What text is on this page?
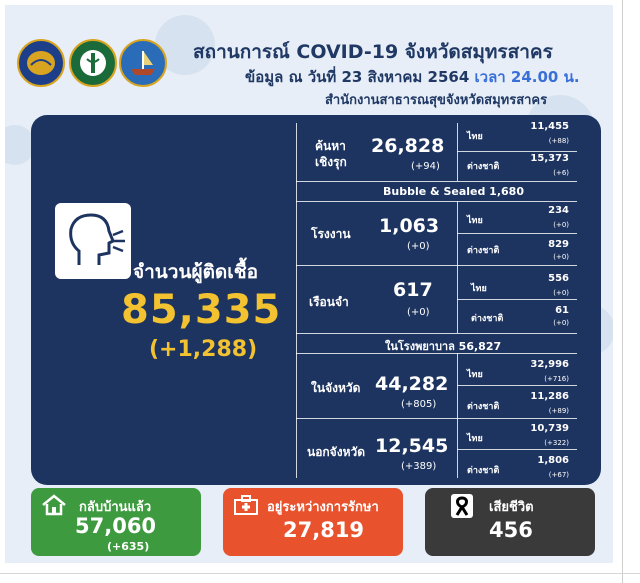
สถานการณ์ COVID-19 จังหวัดสมุทรสาคร
ข้อมูล ณ วันที่ 23 สิงหาคม 2564 เวลา 24.00 น.
สำนักงานสาธารณสุขจังหวัดสมุทรสาคร
จำนวนผู้ติดเชื้อ
85,335
(+1,288)
ค้นหา
เชิงรุก
26,828
(+94)
ไทย
11,455
(+88)
ต่างชาติ
15,373
(+6)
Bubble & Sealed 1,680
โรงงาน 1,063
(+0)
ไทย
234
(+0)
ต่างชาติ
829
(+0)
เรือนจำ
617
(+0)
ไทย
556
(+0)
ต่างชาติ
61
(+0)
ในโรงพยาบาล 56,827
ในจังหวัด 44,282
(+805)
ไทย
32,996
(+716)
ต่างชาติ
11,286
(+89)
นอกจังหวัด 12,545
(+389)
ไทย
10,739
(+322)
ต่างชาติ
1,806
(+67)
กลับบ้านแล้ว
57,060
(+635)
อยู่ระหว่างการรักษา
27,819
เสียชีวิต
456
